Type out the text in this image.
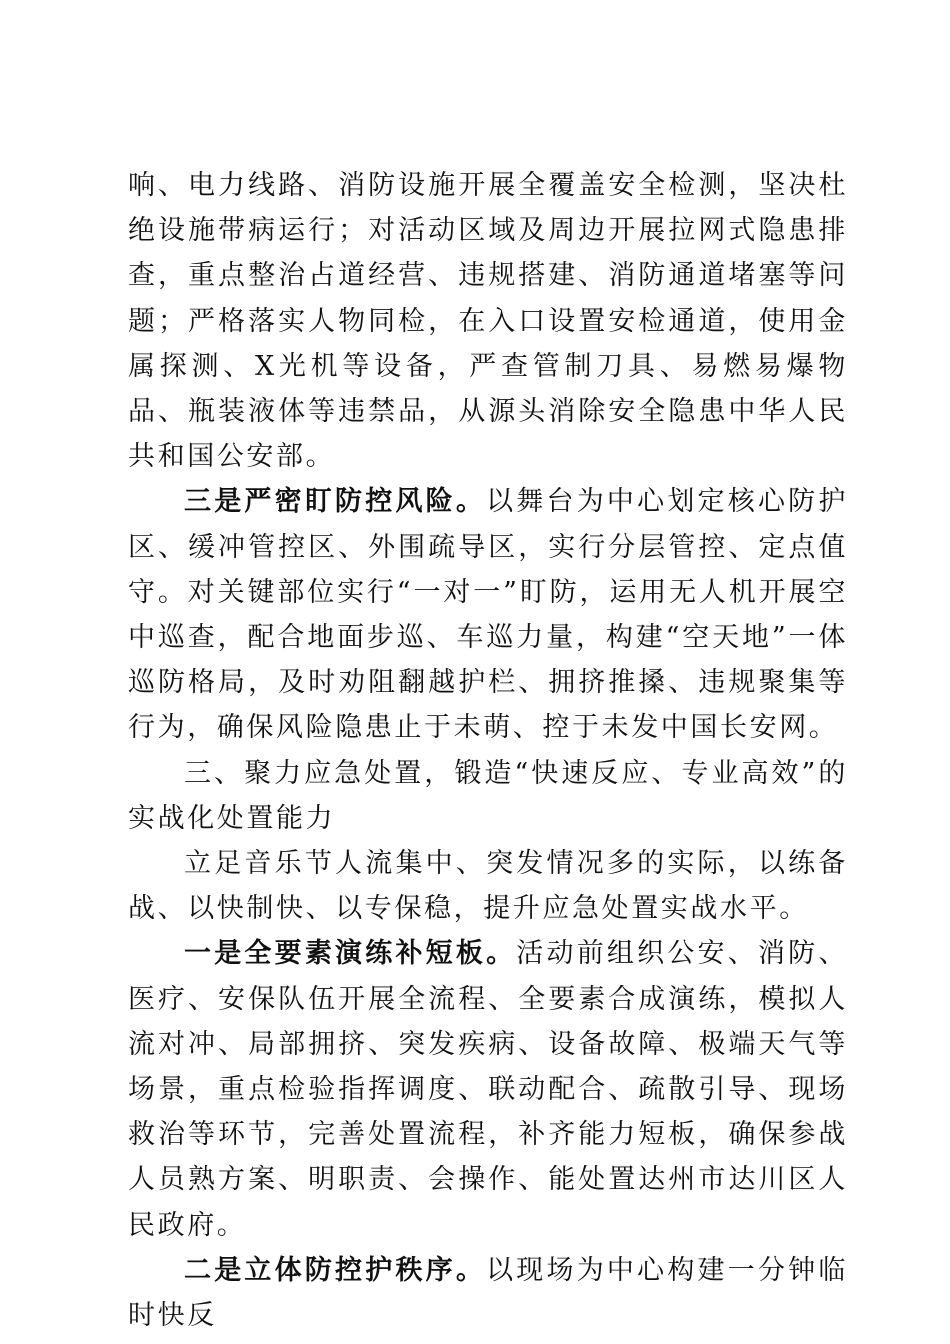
响、电力线路、消防设施开展全覆盖安全检测，坚决杜绝设施带病运行；对活动区域及周边开展拉网式隐患排查，重点整治占道经营、违规搭建、消防通道堵塞等问题；严格落实人物同检，在入口设置安检通道，使用金属探测、X光机等设备，严查管制刀具、易燃易爆物品、瓶装液体等违禁品，从源头消除安全隐患中华人民共和国公安部。

三是严密盯防控风险。以舞台为中心划定核心防护区、缓冲管控区、外围疏导区，实行分层管控、定点值守。对关键部位实行“一对一”盯防，运用无人机开展空中巡查，配合地面步巡、车巡力量，构建“空天地”一体巡防格局，及时劝阻翻越护栏、拥挤推搡、违规聚集等行为，确保风险隐患止于未萌、控于未发中国长安网。

三、聚力应急处置，锻造“快速反应、专业高效”的实战化处置能力

立足音乐节人流集中、突发情况多的实际，以练备战、以快制快、以专保稳，提升应急处置实战水平。

一是全要素演练补短板。活动前组织公安、消防、医疗、安保队伍开展全流程、全要素合成演练，模拟人流对冲、局部拥挤、突发疾病、设备故障、极端天气等场景，重点检验指挥调度、联动配合、疏散引导、现场救治等环节，完善处置流程，补齐能力短板，确保参战人员熟方案、明职责、会操作、能处置达州市达川区人民政府。

二是立体防控护秩序。以现场为中心构建一分钟临时快反
